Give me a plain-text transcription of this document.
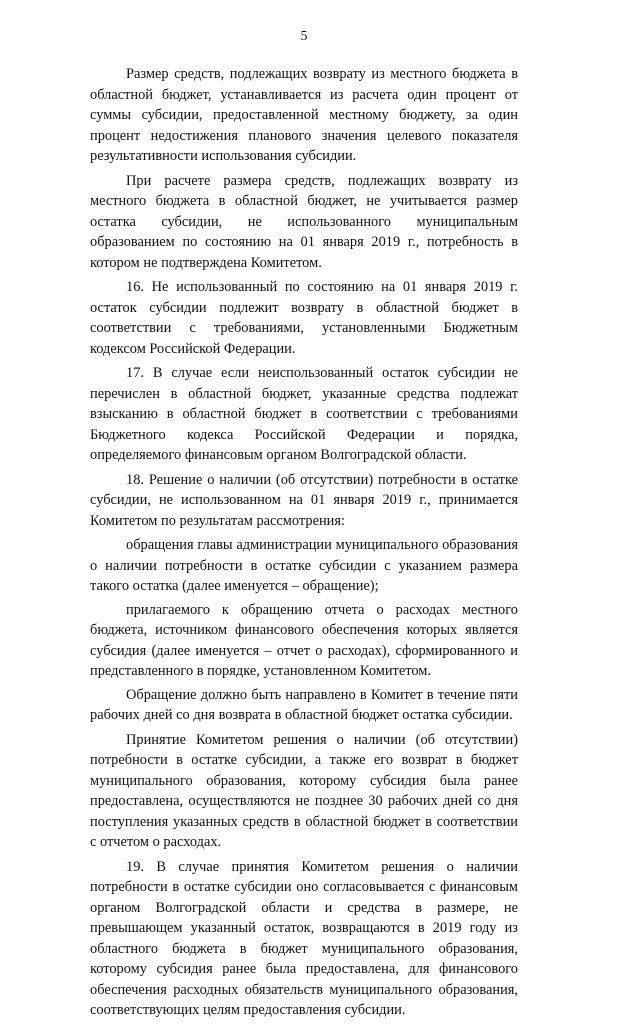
5

Размер средств, подлежащих возврату из местного бюджета в областной бюджет, устанавливается из расчета один процент от суммы субсидии, предоставленной местному бюджету, за один процент недостижения планового значения целевого показателя результативности использования субсидии.

При расчете размера средств, подлежащих возврату из местного бюджета в областной бюджет, не учитывается размер остатка субсидии, не использованного муниципальным образованием по состоянию на 01 января 2019 г., потребность в котором не подтверждена Комитетом.

16. Не использованный по состоянию на 01 января 2019 г. остаток субсидии подлежит возврату в областной бюджет в соответствии с требованиями, установленными Бюджетным кодексом Российской Федерации.

17. В случае если неиспользованный остаток субсидии не перечислен в областной бюджет, указанные средства подлежат взысканию в областной бюджет в соответствии с требованиями Бюджетного кодекса Российской Федерации и порядка, определяемого финансовым органом Волгоградской области.

18. Решение о наличии (об отсутствии) потребности в остатке субсидии, не использованном на 01 января 2019 г., принимается Комитетом по результатам рассмотрения:

обращения главы администрации муниципального образования о наличии потребности в остатке субсидии с указанием размера такого остатка (далее именуется – обращение);

прилагаемого к обращению отчета о расходах местного бюджета, источником финансового обеспечения которых является субсидия (далее именуется – отчет о расходах), сформированного и представленного в порядке, установленном Комитетом.

Обращение должно быть направлено в Комитет в течение пяти рабочих дней со дня возврата в областной бюджет остатка субсидии.

Принятие Комитетом решения о наличии (об отсутствии) потребности в остатке субсидии, а также его возврат в бюджет муниципального образования, которому субсидия была ранее предоставлена, осуществляются не позднее 30 рабочих дней со дня поступления указанных средств в областной бюджет в соответствии с отчетом о расходах.

19. В случае принятия Комитетом решения о наличии потребности в остатке субсидии оно согласовывается с финансовым органом Волгоградской области и средства в размере, не превышающем указанный остаток, возвращаются в 2019 году из областного бюджета в бюджет муниципального образования, которому субсидия ранее была предоставлена, для финансового обеспечения расходных обязательств муниципального образования, соответствующих целям предоставления субсидии.
